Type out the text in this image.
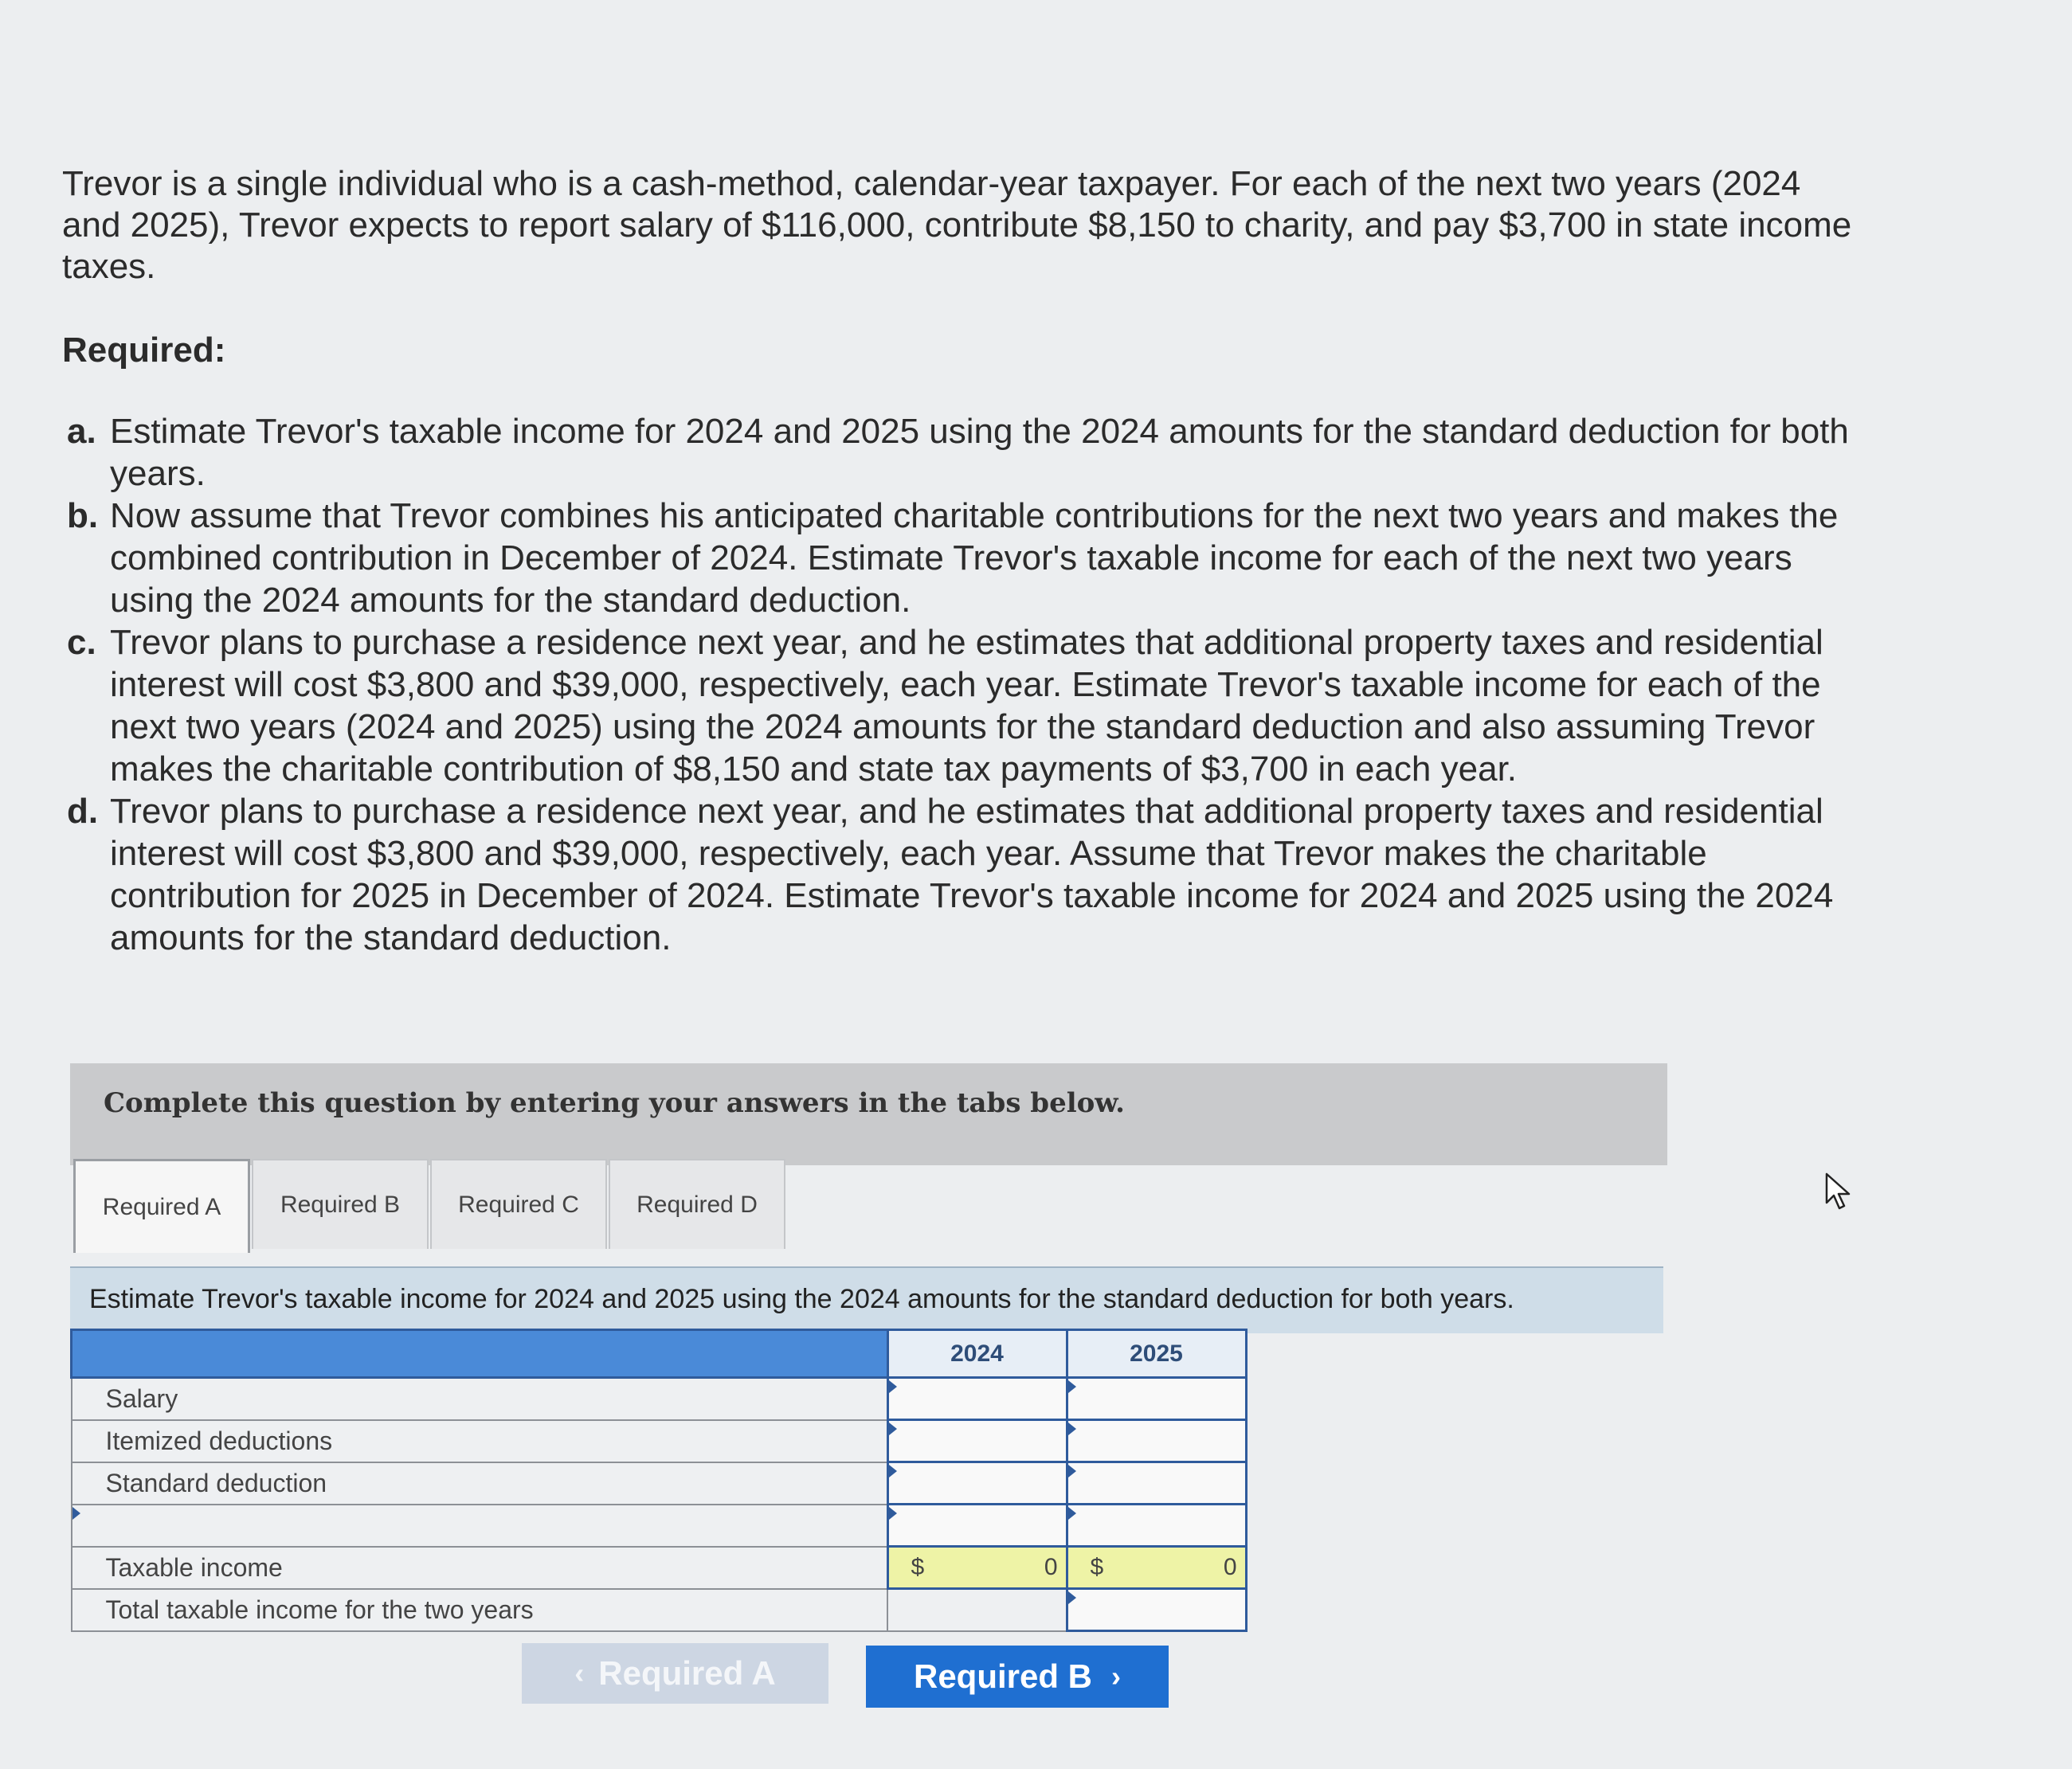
Trevor is a single individual who is a cash-method, calendar-year taxpayer. For each of the next two years (2024 and 2025), Trevor expects to report salary of $116,000, contribute $8,150 to charity, and pay $3,700 in state income taxes.
Required:
a. Estimate Trevor's taxable income for 2024 and 2025 using the 2024 amounts for the standard deduction for both years.
b. Now assume that Trevor combines his anticipated charitable contributions for the next two years and makes the combined contribution in December of 2024. Estimate Trevor's taxable income for each of the next two years using the 2024 amounts for the standard deduction.
c. Trevor plans to purchase a residence next year, and he estimates that additional property taxes and residential interest will cost $3,800 and $39,000, respectively, each year. Estimate Trevor's taxable income for each of the next two years (2024 and 2025) using the 2024 amounts for the standard deduction and also assuming Trevor makes the charitable contribution of $8,150 and state tax payments of $3,700 in each year.
d. Trevor plans to purchase a residence next year, and he estimates that additional property taxes and residential interest will cost $3,800 and $39,000, respectively, each year. Assume that Trevor makes the charitable contribution for 2025 in December of 2024. Estimate Trevor's taxable income for 2024 and 2025 using the 2024 amounts for the standard deduction.
Complete this question by entering your answers in the tabs below.
Required A	Required B	Required C	Required D
Estimate Trevor's taxable income for 2024 and 2025 using the 2024 amounts for the standard deduction for both years.
	2024	2025
Salary		
Itemized deductions		
Standard deduction		

Taxable income	$ 0	$ 0

Total taxable income for the two years		
‹ Required A	Required B ›
